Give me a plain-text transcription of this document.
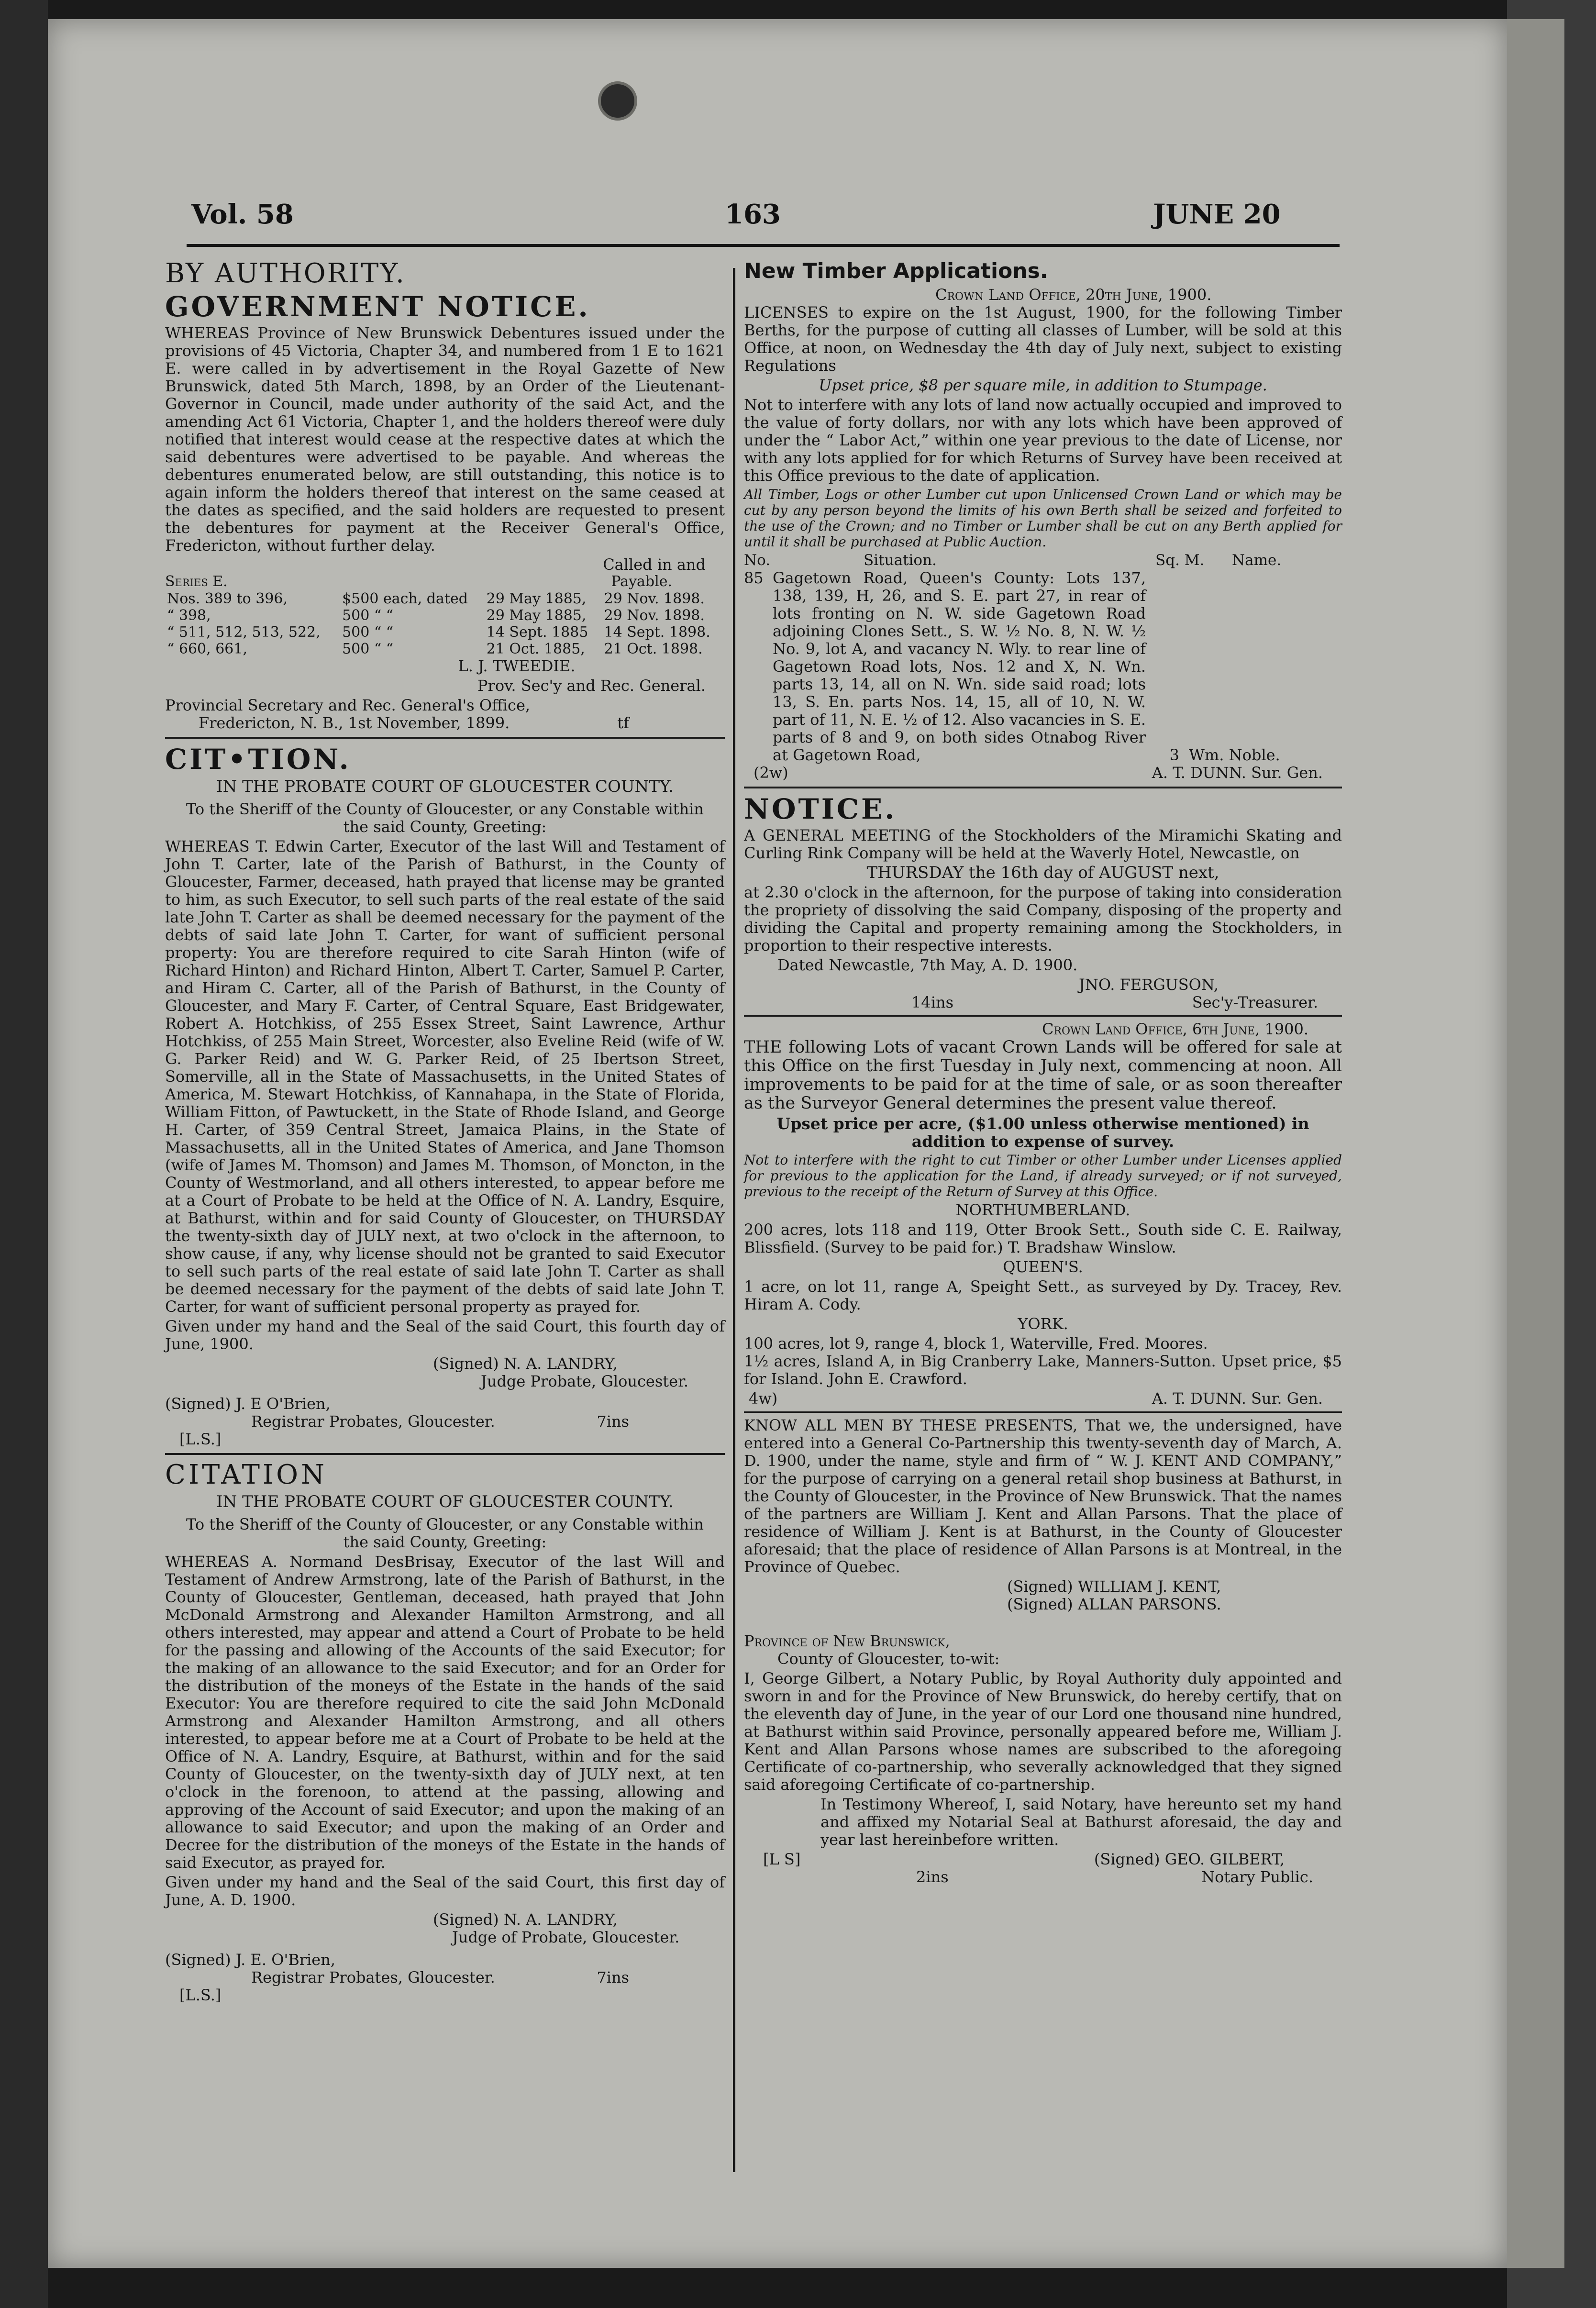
Vol. 58	163	JUNE 20

BY AUTHORITY.

GOVERNMENT NOTICE.

WHEREAS Province of New Brunswick Debentures issued under the provisions of 45 Victoria, Chapter 34, and numbered from 1 E to 1621 E. were called in by advertisement in the Royal Gazette of New Brunswick, dated 5th March, 1898, by an Order of the Lieutenant-Governor in Council, made under authority of the said Act, and the amending Act 61 Victoria, Chapter 1, and the holders thereof were duly notified that interest would cease at the respective dates at which the said debentures were advertised to be payable. And whereas the debentures enumerated below, are still outstanding, this notice is to again inform the holders thereof that interest on the same ceased at the dates as specified, and the said holders are requested to present the debentures for payment at the Receiver General's Office, Fredericton, without further delay.

Called in and

Series E.	Payable.
Nos. 389 to 396,	$500 each, dated	29 May 1885,	29 Nov. 1898.
“ 398,	500 “ “	29 May 1885,	29 Nov. 1898.
“ 511, 512, 513, 522,	500 “ “	14 Sept. 1885	14 Sept. 1898.
“ 660, 661,	500 “ “	21 Oct. 1885,	21 Oct. 1898.

L. J. TWEEDIE.

Prov. Sec'y and Rec. General.

Provincial Secretary and Rec. General's Office,

Fredericton, N. B., 1st November, 1899.	tf

CIT•TION.

IN THE PROBATE COURT OF GLOUCESTER COUNTY.

To the Sheriff of the County of Gloucester, or any Constable within the said County, Greeting:

WHEREAS T. Edwin Carter, Executor of the last Will and Testament of John T. Carter, late of the Parish of Bathurst, in the County of Gloucester, Farmer, deceased, hath prayed that license may be granted to him, as such Executor, to sell such parts of the real estate of the said late John T. Carter as shall be deemed necessary for the payment of the debts of said late John T. Carter, for want of sufficient personal property: You are therefore required to cite Sarah Hinton (wife of Richard Hinton) and Richard Hinton, Albert T. Carter, Samuel P. Carter, and Hiram C. Carter, all of the Parish of Bathurst, in the County of Gloucester, and Mary F. Carter, of Central Square, East Bridgewater, Robert A. Hotchkiss, of 255 Essex Street, Saint Lawrence, Arthur Hotchkiss, of 255 Main Street, Worcester, also Eveline Reid (wife of W. G. Parker Reid) and W. G. Parker Reid, of 25 Ibertson Street, Somerville, all in the State of Massachusetts, in the United States of America, M. Stewart Hotchkiss, of Kannahapa, in the State of Florida, William Fitton, of Pawtuckett, in the State of Rhode Island, and George H. Carter, of 359 Central Street, Jamaica Plains, in the State of Massachusetts, all in the United States of America, and Jane Thomson (wife of James M. Thomson) and James M. Thomson, of Moncton, in the County of Westmorland, and all others interested, to appear before me at a Court of Probate to be held at the Office of N. A. Landry, Esquire, at Bathurst, within and for said County of Gloucester, on THURSDAY the twenty-sixth day of JULY next, at two o'clock in the afternoon, to show cause, if any, why license should not be granted to said Executor to sell such parts of the real estate of said late John T. Carter as shall be deemed necessary for the payment of the debts of said late John T. Carter, for want of sufficient personal property as prayed for.

Given under my hand and the Seal of the said Court, this fourth day of June, 1900.

(Signed) N. A. LANDRY,

Judge Probate, Gloucester.

(Signed) J. E O'Brien,

Registrar Probates, Gloucester.	7ins

[L.S.]

CITATION

IN THE PROBATE COURT OF GLOUCESTER COUNTY.

To the Sheriff of the County of Gloucester, or any Constable within the said County, Greeting:

WHEREAS A. Normand DesBrisay, Executor of the last Will and Testament of Andrew Armstrong, late of the Parish of Bathurst, in the County of Gloucester, Gentleman, deceased, hath prayed that John McDonald Armstrong and Alexander Hamilton Armstrong, and all others interested, may appear and attend a Court of Probate to be held for the passing and allowing of the Accounts of the said Executor; for the making of an allowance to the said Executor; and for an Order for the distribution of the moneys of the Estate in the hands of the said Executor: You are therefore required to cite the said John McDonald Armstrong and Alexander Hamilton Armstrong, and all others interested, to appear before me at a Court of Probate to be held at the Office of N. A. Landry, Esquire, at Bathurst, within and for the said County of Gloucester, on the twenty-sixth day of JULY next, at ten o'clock in the forenoon, to attend at the passing, allowing and approving of the Account of said Executor; and upon the making of an allowance to said Executor; and upon the making of an Order and Decree for the distribution of the moneys of the Estate in the hands of said Executor, as prayed for.

Given under my hand and the Seal of the said Court, this first day of June, A. D. 1900.

(Signed) N. A. LANDRY,

Judge of Probate, Gloucester.

(Signed) J. E. O'Brien,

Registrar Probates, Gloucester.	7ins

[L.S.]

New Timber Applications.

Crown Land Office, 20th June, 1900.

LICENSES to expire on the 1st August, 1900, for the following Timber Berths, for the purpose of cutting all classes of Lumber, will be sold at this Office, at noon, on Wednesday the 4th day of July next, subject to existing Regulations

Upset price, $8 per square mile, in addition to Stumpage.

Not to interfere with any lots of land now actually occupied and improved to the value of forty dollars, nor with any lots which have been approved of under the “ Labor Act,” within one year previous to the date of License, nor with any lots applied for for which Returns of Survey have been received at this Office previous to the date of application.

All Timber, Logs or other Lumber cut upon Unlicensed Crown Land or which may be cut by any person beyond the limits of his own Berth shall be seized and forfeited to the use of the Crown; and no Timber or Lumber shall be cut on any Berth applied for until it shall be purchased at Public Auction.

No.	Situation.	Sq. M.	Name.
85 Gagetown Road, Queen's County: Lots 137, 138, 139, H, 26, and S. E. part 27, in rear of lots fronting on N. W. side Gagetown Road adjoining Clones Sett., S. W. ½ No. 8, N. W. ½ No. 9, lot A, and vacancy N. Wly. to rear line of Gagetown Road lots, Nos. 12 and X, N. Wn. parts 13, 14, all on N. Wn. side said road; lots 13, S. En. parts Nos. 14, 15, all of 10, N. W. part of 11, N. E. ½ of 12. Also vacancies in S. E. parts of 8 and 9, on both sides Otnabog River at Gagetown Road,	3 Wm. Noble.
(2w)	A. T. DUNN. Sur. Gen.

NOTICE.

A GENERAL MEETING of the Stockholders of the Miramichi Skating and Curling Rink Company will be held at the Waverly Hotel, Newcastle, on

THURSDAY the 16th day of AUGUST next,

at 2.30 o'clock in the afternoon, for the purpose of taking into consideration the propriety of dissolving the said Company, disposing of the property and dividing the Capital and property remaining among the Stockholders, in proportion to their respective interests.

Dated Newcastle, 7th May, A. D. 1900.

JNO. FERGUSON,

14ins	Sec'y-Treasurer.

Crown Land Office, 6th June, 1900.

THE following Lots of vacant Crown Lands will be offered for sale at this Office on the first Tuesday in July next, commencing at noon. All improvements to be paid for at the time of sale, or as soon thereafter as the Surveyor General determines the present value thereof.

Upset price per acre, ($1.00 unless otherwise mentioned) in addition to expense of survey.

Not to interfere with the right to cut Timber or other Lumber under Licenses applied for previous to the application for the Land, if already surveyed; or if not surveyed, previous to the receipt of the Return of Survey at this Office.

NORTHUMBERLAND.

200 acres, lots 118 and 119, Otter Brook Sett., South side C. E. Railway, Blissfield. (Survey to be paid for.) T. Bradshaw Winslow.

QUEEN'S.

1 acre, on lot 11, range A, Speight Sett., as surveyed by Dy. Tracey, Rev. Hiram A. Cody.

YORK.

100 acres, lot 9, range 4, block 1, Waterville, Fred. Moores.

1½ acres, Island A, in Big Cranberry Lake, Manners-Sutton. Upset price, $5 for Island. John E. Crawford.

4w)	A. T. DUNN. Sur. Gen.

KNOW ALL MEN BY THESE PRESENTS, That we, the undersigned, have entered into a General Co-Partnership this twenty-seventh day of March, A. D. 1900, under the name, style and firm of “ W. J. KENT AND COMPANY,” for the purpose of carrying on a general retail shop business at Bathurst, in the County of Gloucester, in the Province of New Brunswick. That the names of the partners are William J. Kent and Allan Parsons. That the place of residence of William J. Kent is at Bathurst, in the County of Gloucester aforesaid; that the place of residence of Allan Parsons is at Montreal, in the Province of Quebec.

(Signed) WILLIAM J. KENT,

(Signed) ALLAN PARSONS.

Province of New Brunswick,

County of Gloucester, to-wit:

I, George Gilbert, a Notary Public, by Royal Authority duly appointed and sworn in and for the Province of New Brunswick, do hereby certify, that on the eleventh day of June, in the year of our Lord one thousand nine hundred, at Bathurst within said Province, personally appeared before me, William J. Kent and Allan Parsons whose names are subscribed to the aforegoing Certificate of co-partnership, who severally acknowledged that they signed said aforegoing Certificate of co-partnership.

In Testimony Whereof, I, said Notary, have hereunto set my hand and affixed my Notarial Seal at Bathurst aforesaid, the day and year last hereinbefore written.

[L S]	(Signed) GEO. GILBERT,
2ins	Notary Public.
